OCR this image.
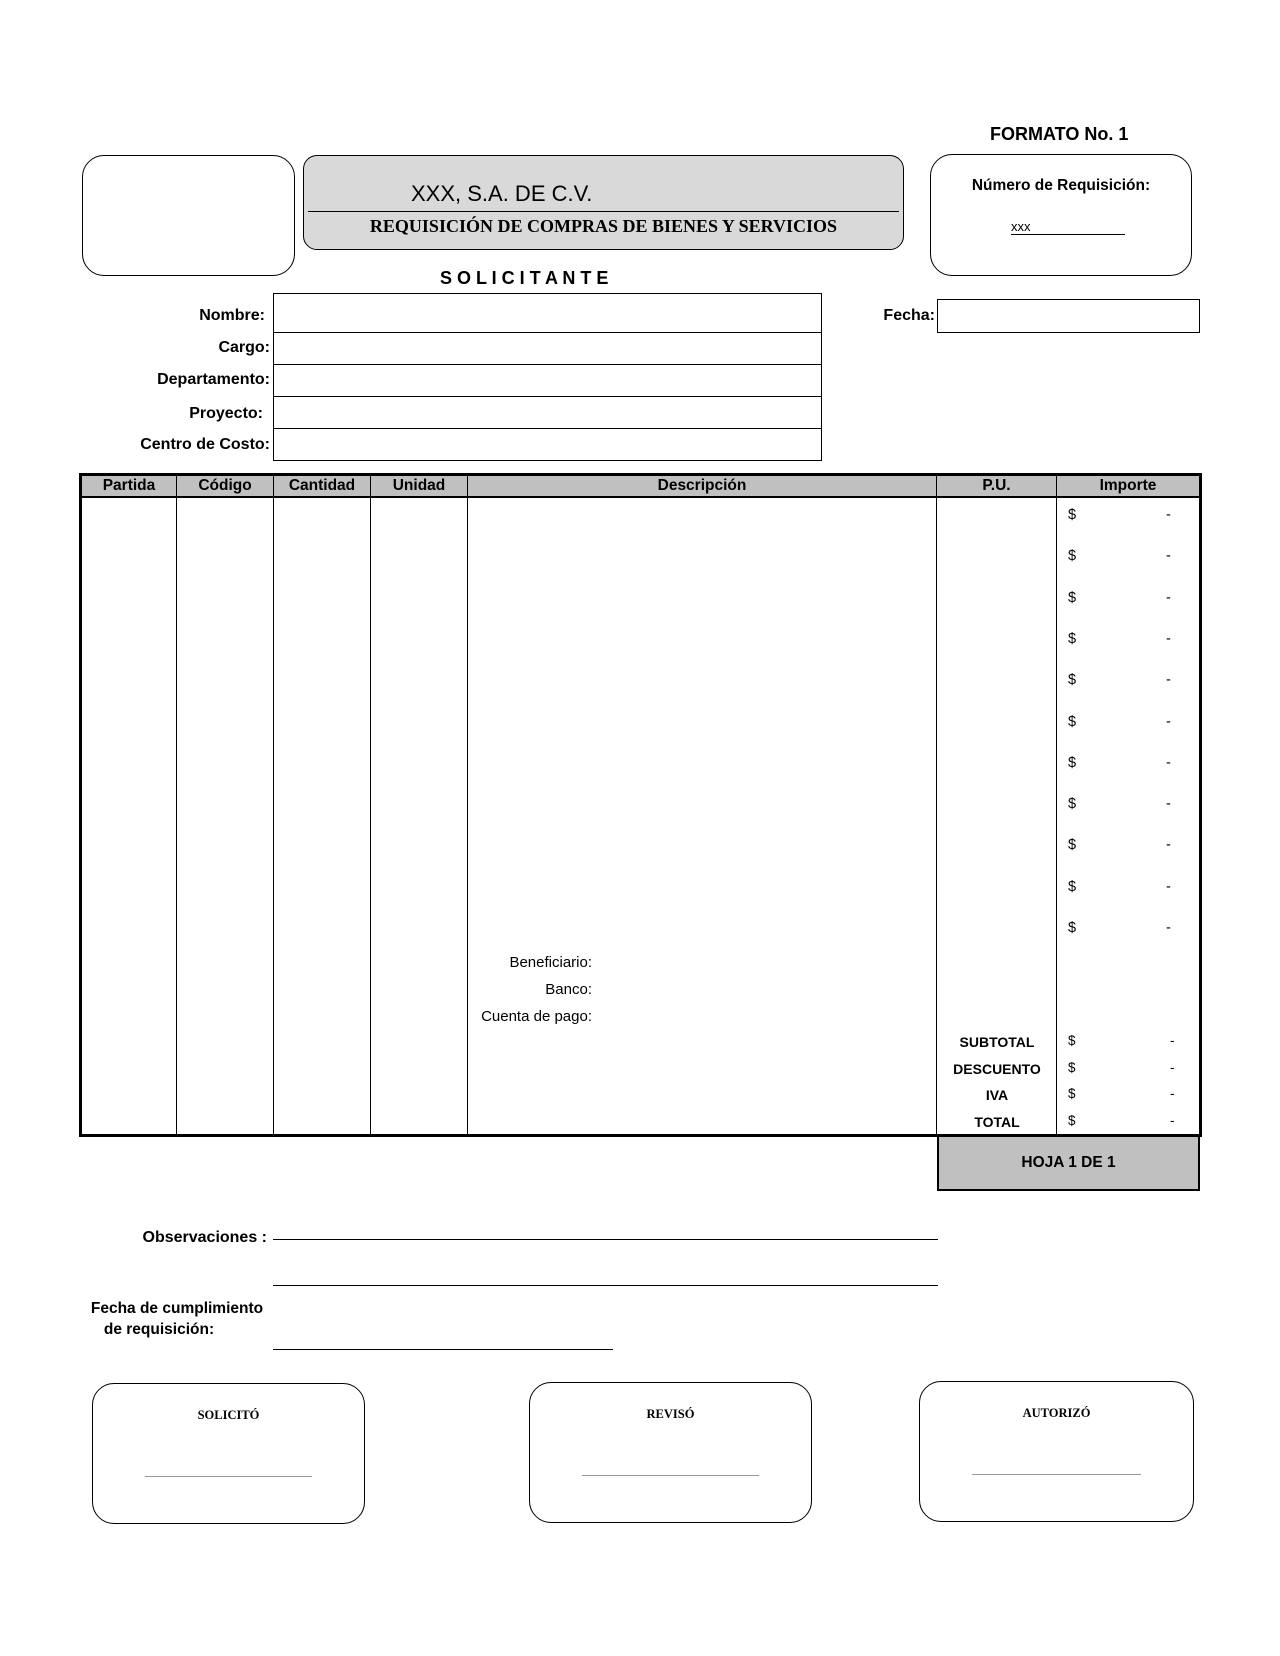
FORMATO No. 1
XXX, S.A. DE C.V.
REQUISICIÓN DE COMPRAS DE BIENES Y SERVICIOS
Número de Requisición:
xxx
S O L I C I T A N T E
Nombre:
Cargo:
Departamento:
Proyecto:
Centro de Costo:
Fecha:
Partida	Código	Cantidad	Unidad	Descripción	P.U.	Importe

$	-
$	-
$	-
$	-
$	-
$	-
$	-
$	-
$	-
$	-
$	-
Beneficiario:
Banco:
Cuenta de pago:
SUBTOTAL	$	-
DESCUENTO	$	-
IVA	$	-
TOTAL	$	-
HOJA 1 DE 1
Observaciones :
Fecha de cumplimiento
de requisición:
SOLICITÓ	REVISÓ	AUTORIZÓ
